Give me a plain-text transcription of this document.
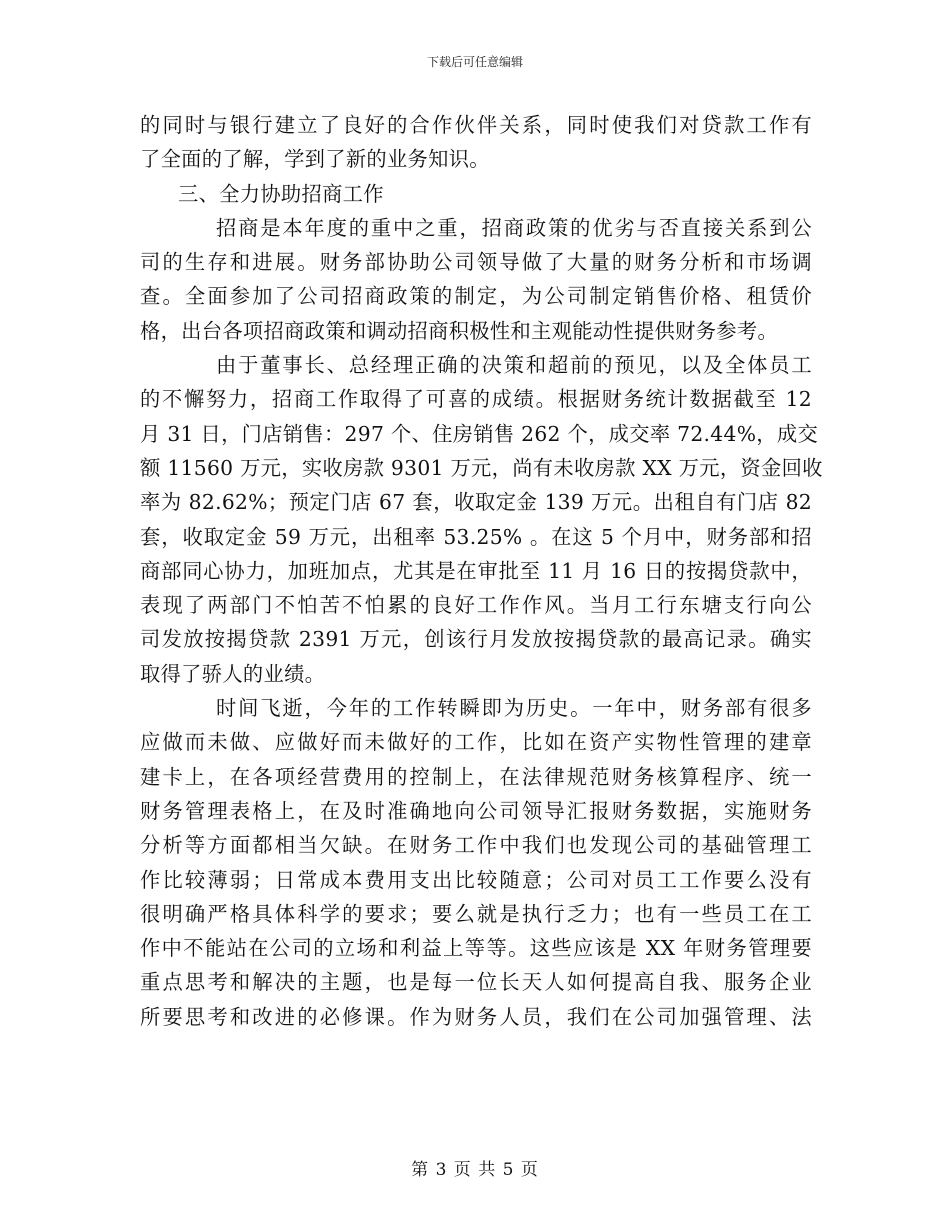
下载后可任意编辑
的同时与银行建立了良好的合作伙伴关系，同时使我们对贷款工作有
了全面的了解，学到了新的业务知识。
三、全力协助招商工作
招商是本年度的重中之重，招商政策的优劣与否直接关系到公
司的生存和进展。财务部协助公司领导做了大量的财务分析和市场调
查。全面参加了公司招商政策的制定，为公司制定销售价格、租赁价
格，出台各项招商政策和调动招商积极性和主观能动性提供财务参考。
由于董事长、总经理正确的决策和超前的预见，以及全体员工
的不懈努力，招商工作取得了可喜的成绩。根据财务统计数据截至 12
月 31 日，门店销售：297 个、住房销售 262 个，成交率 72.44%，成交
额 11560 万元，实收房款 9301 万元，尚有未收房款 XX 万元，资金回收
率为 82.62%；预定门店 67 套，收取定金 139 万元。出租自有门店 82
套，收取定金 59 万元，出租率 53.25% 。在这 5 个月中，财务部和招
商部同心协力，加班加点，尤其是在审批至 11 月 16 日的按揭贷款中，
表现了两部门不怕苦不怕累的良好工作作风。当月工行东塘支行向公
司发放按揭贷款 2391 万元，创该行月发放按揭贷款的最高记录。确实
取得了骄人的业绩。
时间飞逝，今年的工作转瞬即为历史。一年中，财务部有很多
应做而未做、应做好而未做好的工作，比如在资产实物性管理的建章
建卡上，在各项经营费用的控制上，在法律规范财务核算程序、统一
财务管理表格上，在及时准确地向公司领导汇报财务数据，实施财务
分析等方面都相当欠缺。在财务工作中我们也发现公司的基础管理工
作比较薄弱；日常成本费用支出比较随意；公司对员工工作要么没有
很明确严格具体科学的要求；要么就是执行乏力；也有一些员工在工
作中不能站在公司的立场和利益上等等。这些应该是 XX 年财务管理要
重点思考和解决的主题，也是每一位长天人如何提高自我、服务企业
所要思考和改进的必修课。作为财务人员，我们在公司加强管理、法
第 3 页 共 5 页
